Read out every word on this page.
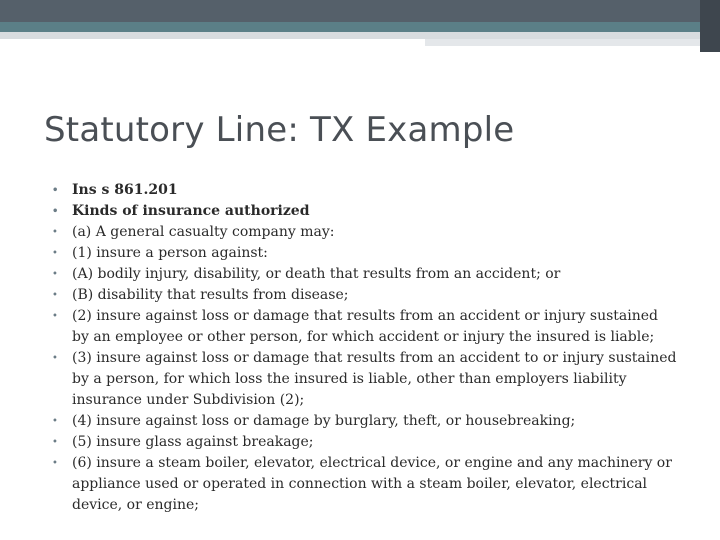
Statutory Line: TX Example
• Ins s 861.201
• Kinds of insurance authorized
• (a) A general casualty company may:
• (1) insure a person against:
• (A) bodily injury, disability, or death that results from an accident; or
• (B) disability that results from disease;
• (2) insure against loss or damage that results from an accident or injury sustained by an employee or other person, for which accident or injury the insured is liable;
• (3) insure against loss or damage that results from an accident to or injury sustained by a person, for which loss the insured is liable, other than employers liability insurance under Subdivision (2);
• (4) insure against loss or damage by burglary, theft, or housebreaking;
• (5) insure glass against breakage;
• (6) insure a steam boiler, elevator, electrical device, or engine and any machinery or appliance used or operated in connection with a steam boiler, elevator, electrical device, or engine;
